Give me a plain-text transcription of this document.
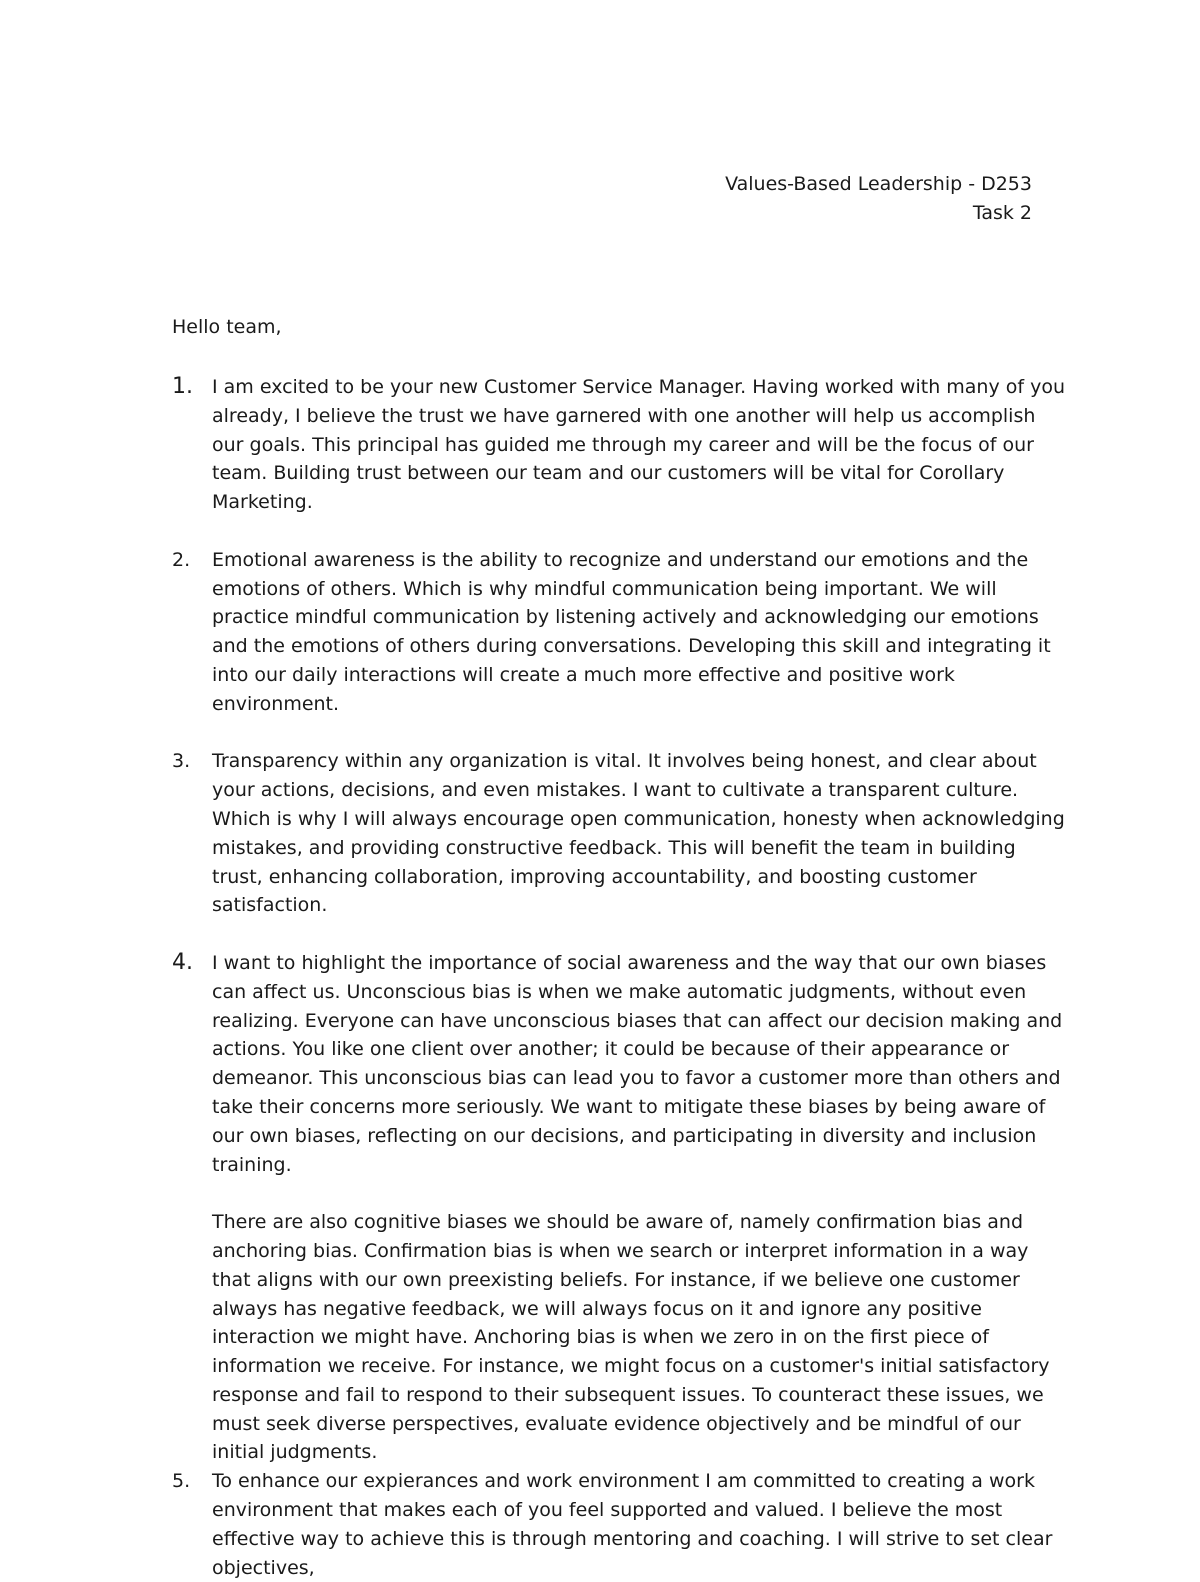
Values-Based Leadership - D253
Task 2
Hello team,
1.	I am excited to be your new Customer Service Manager. Having worked with many of you already, I believe the trust we have garnered with one another will help us accomplish our goals. This principal has guided me through my career and will be the focus of our team. Building trust between our team and our customers will be vital for Corollary Marketing.

2.	Emotional awareness is the ability to recognize and understand our emotions and the emotions of others. Which is why mindful communication being important. We will practice mindful communication by listening actively and acknowledging our emotions and the emotions of others during conversations. Developing this skill and integrating it into our daily interactions will create a much more effective and positive work environment.

3.	Transparency within any organization is vital. It involves being honest, and clear about your actions, decisions, and even mistakes. I want to cultivate a transparent culture. Which is why I will always encourage open communication, honesty when acknowledging mistakes, and providing constructive feedback. This will benefit the team in building trust, enhancing collaboration, improving accountability, and boosting customer satisfaction.

4.	I want to highlight the importance of social awareness and the way that our own biases can affect us. Unconscious bias is when we make automatic judgments, without even realizing. Everyone can have unconscious biases that can affect our decision making and actions. You like one client over another; it could be because of their appearance or demeanor. This unconscious bias can lead you to favor a customer more than others and take their concerns more seriously. We want to mitigate these biases by being aware of our own biases, reflecting on our decisions, and participating in diversity and inclusion training.

There are also cognitive biases we should be aware of, namely confirmation bias and anchoring bias. Confirmation bias is when we search or interpret information in a way that aligns with our own preexisting beliefs. For instance, if we believe one customer always has negative feedback, we will always focus on it and ignore any positive interaction we might have. Anchoring bias is when we zero in on the first piece of information we receive. For instance, we might focus on a customer's initial satisfactory response and fail to respond to their subsequent issues. To counteract these issues, we must seek diverse perspectives, evaluate evidence objectively and be mindful of our initial judgments.

5.	To enhance our expierances and work environment I am committed to creating a work environment that makes each of you feel supported and valued. I believe the most effective way to achieve this is through mentoring and coaching. I will strive to set clear objectives,
